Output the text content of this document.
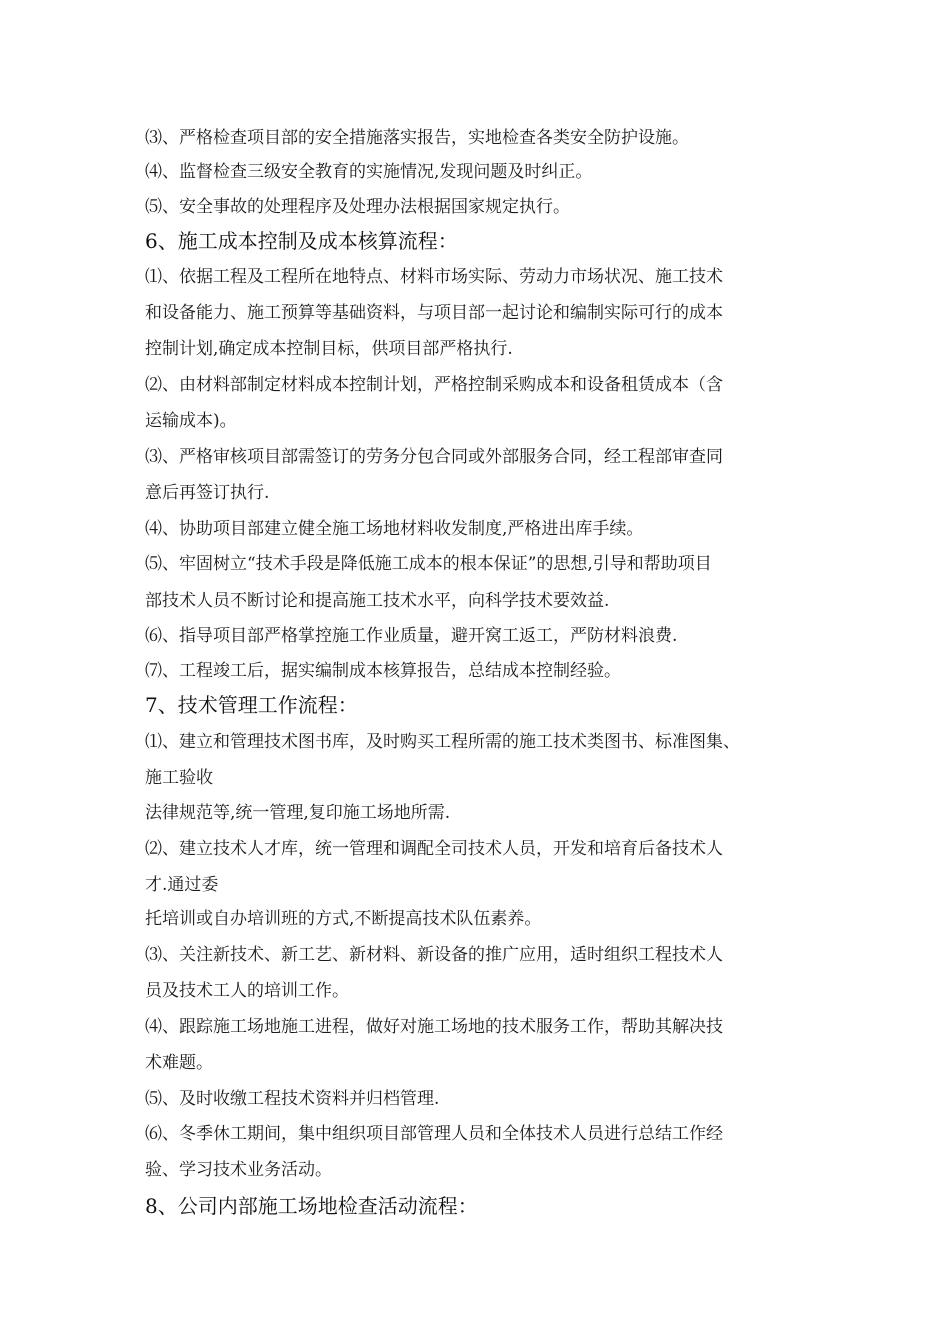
⑶、严格检查项目部的安全措施落实报告，实地检查各类安全防护设施。
⑷、监督检查三级安全教育的实施情况,发现问题及时纠正。
⑸、安全事故的处理程序及处理办法根据国家规定执行。
6、施工成本控制及成本核算流程：
⑴、依据工程及工程所在地特点、材料市场实际、劳动力市场状况、施工技术
和设备能力、施工预算等基础资料，与项目部一起讨论和编制实际可行的成本
控制计划,确定成本控制目标，供项目部严格执行.
⑵、由材料部制定材料成本控制计划，严格控制采购成本和设备租赁成本（含
运输成本)。
⑶、严格审核项目部需签订的劳务分包合同或外部服务合同，经工程部审查同
意后再签订执行.
⑷、协助项目部建立健全施工场地材料收发制度,严格进出库手续。
⑸、牢固树立“技术手段是降低施工成本的根本保证”的思想,引导和帮助项目
部技术人员不断讨论和提高施工技术水平，向科学技术要效益.
⑹、指导项目部严格掌控施工作业质量，避开窝工返工，严防材料浪费.
⑺、工程竣工后，据实编制成本核算报告，总结成本控制经验。
7、技术管理工作流程：
⑴、建立和管理技术图书库，及时购买工程所需的施工技术类图书、标准图集、
施工验收
法律规范等,统一管理,复印施工场地所需.
⑵、建立技术人才库，统一管理和调配全司技术人员，开发和培育后备技术人
才.通过委
托培训或自办培训班的方式,不断提高技术队伍素养。
⑶、关注新技术、新工艺、新材料、新设备的推广应用，适时组织工程技术人
员及技术工人的培训工作。
⑷、跟踪施工场地施工进程，做好对施工场地的技术服务工作，帮助其解决技
术难题。
⑸、及时收缴工程技术资料并归档管理.
⑹、冬季休工期间，集中组织项目部管理人员和全体技术人员进行总结工作经
验、学习技术业务活动。
8、公司内部施工场地检查活动流程：
